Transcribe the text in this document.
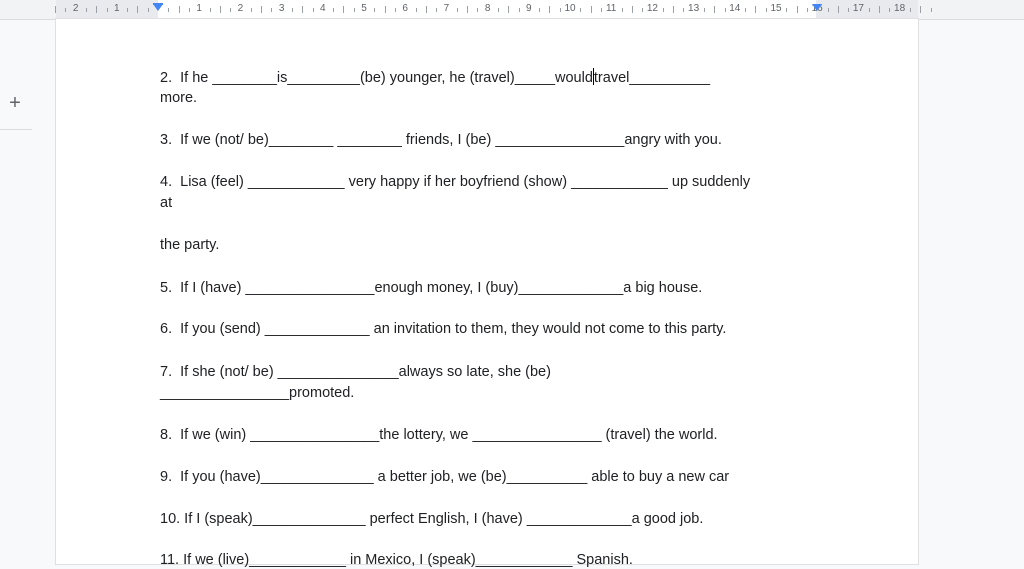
2	1	1	2	3	4	5	6	7	8	9	10	11	12	13	14	15	16	17	18
+
2.  If he ________is_________(be) younger, he (travel)_____wouldtravel__________
more.
3.  If we (not/ be)________ ________ friends, I (be) ________________angry with you.
4.  Lisa (feel) ____________ very happy if her boyfriend (show) ____________ up suddenly
at
the party.
5.  If I (have) ________________enough money, I (buy)_____________a big house.
6.  If you (send) _____________ an invitation to them, they would not come to this party.
7.  If she (not/ be) _______________always so late, she (be)
________________promoted.
8.  If we (win) ________________the lottery, we ________________ (travel) the world.
9.  If you (have)______________ a better job, we (be)__________ able to buy a new car
10. If I (speak)______________ perfect English, I (have) _____________a good job.
11. If we (live)____________ in Mexico, I (speak)____________ Spanish.
